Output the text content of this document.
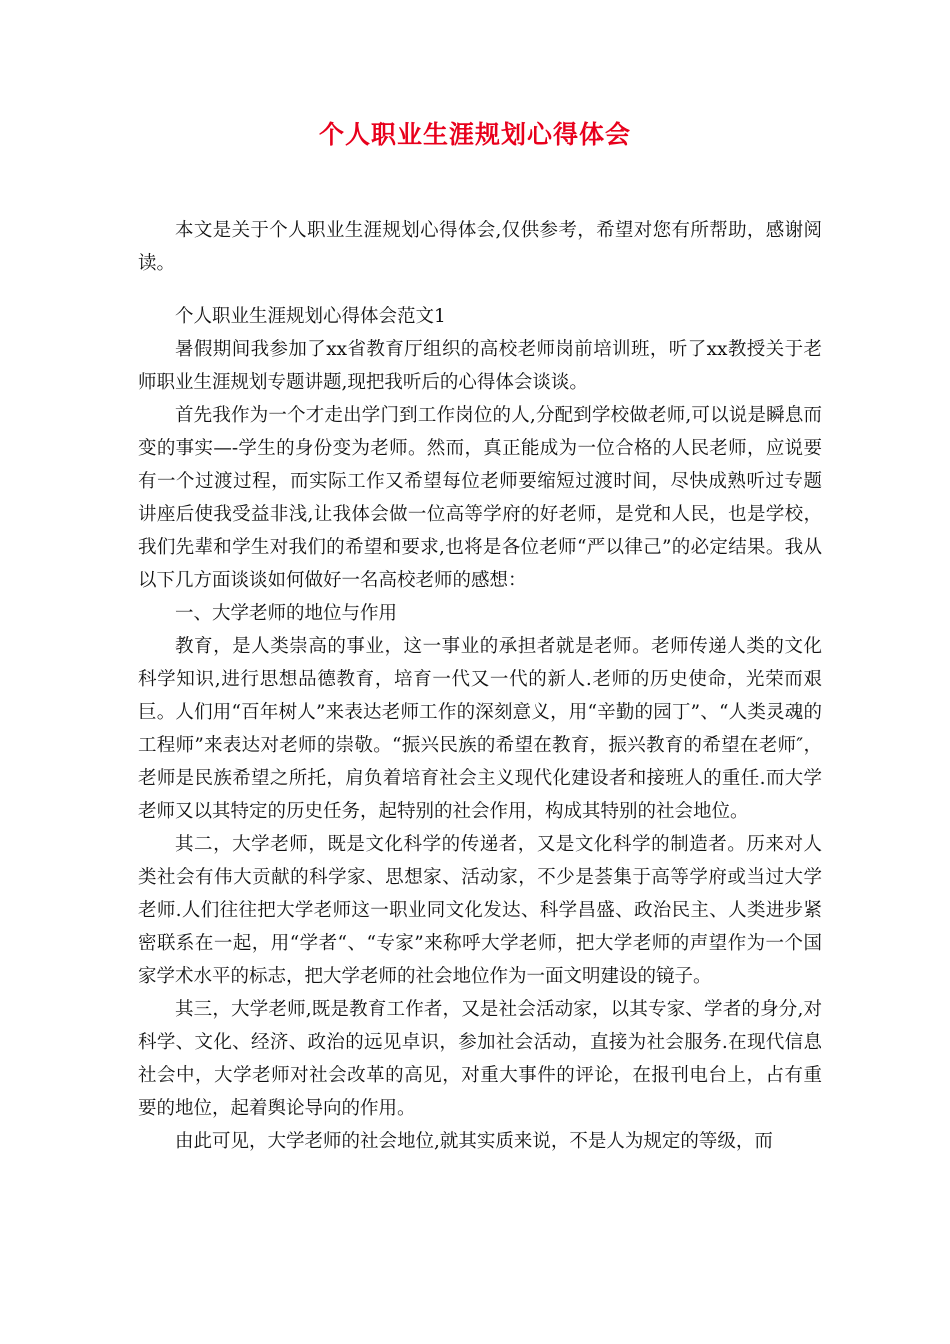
个人职业生涯规划心得体会

本文是关于个人职业生涯规划心得体会,仅供参考，希望对您有所帮助，感谢阅读。

个人职业生涯规划心得体会范文1

暑假期间我参加了xx省教育厅组织的高校老师岗前培训班，听了xx教授关于老师职业生涯规划专题讲题,现把我听后的心得体会谈谈。

首先我作为一个才走出学门到工作岗位的人,分配到学校做老师,可以说是瞬息而变的事实—-学生的身份变为老师。然而，真正能成为一位合格的人民老师，应说要有一个过渡过程，而实际工作又希望每位老师要缩短过渡时间，尽快成熟听过专题讲座后使我受益非浅,让我体会做一位高等学府的好老师，是党和人民，也是学校，我们先辈和学生对我们的希望和要求,也将是各位老师“严以律己”的必定结果。我从以下几方面谈谈如何做好一名高校老师的感想：

一、大学老师的地位与作用

教育，是人类崇高的事业，这一事业的承担者就是老师。老师传递人类的文化科学知识,进行思想品德教育，培育一代又一代的新人.老师的历史使命，光荣而艰巨。人们用“百年树人”来表达老师工作的深刻意义，用“辛勤的园丁”、“人类灵魂的工程师”来表达对老师的崇敬。“振兴民族的希望在教育，振兴教育的希望在老师″，老师是民族希望之所托，肩负着培育社会主义现代化建设者和接班人的重任.而大学老师又以其特定的历史任务，起特别的社会作用，构成其特别的社会地位。

其二，大学老师，既是文化科学的传递者，又是文化科学的制造者。历来对人类社会有伟大贡献的科学家、思想家、活动家，不少是荟集于高等学府或当过大学老师.人们往往把大学老师这一职业同文化发达、科学昌盛、政治民主、人类进步紧密联系在一起，用“学者“、“专家”来称呼大学老师，把大学老师的声望作为一个国家学术水平的标志，把大学老师的社会地位作为一面文明建设的镜子。

其三，大学老师,既是教育工作者，又是社会活动家，以其专家、学者的身分,对科学、文化、经济、政治的远见卓识，参加社会活动，直接为社会服务.在现代信息社会中，大学老师对社会改革的高见，对重大事件的评论，在报刊电台上，占有重要的地位，起着舆论导向的作用。

由此可见，大学老师的社会地位,就其实质来说，不是人为规定的等级，而
